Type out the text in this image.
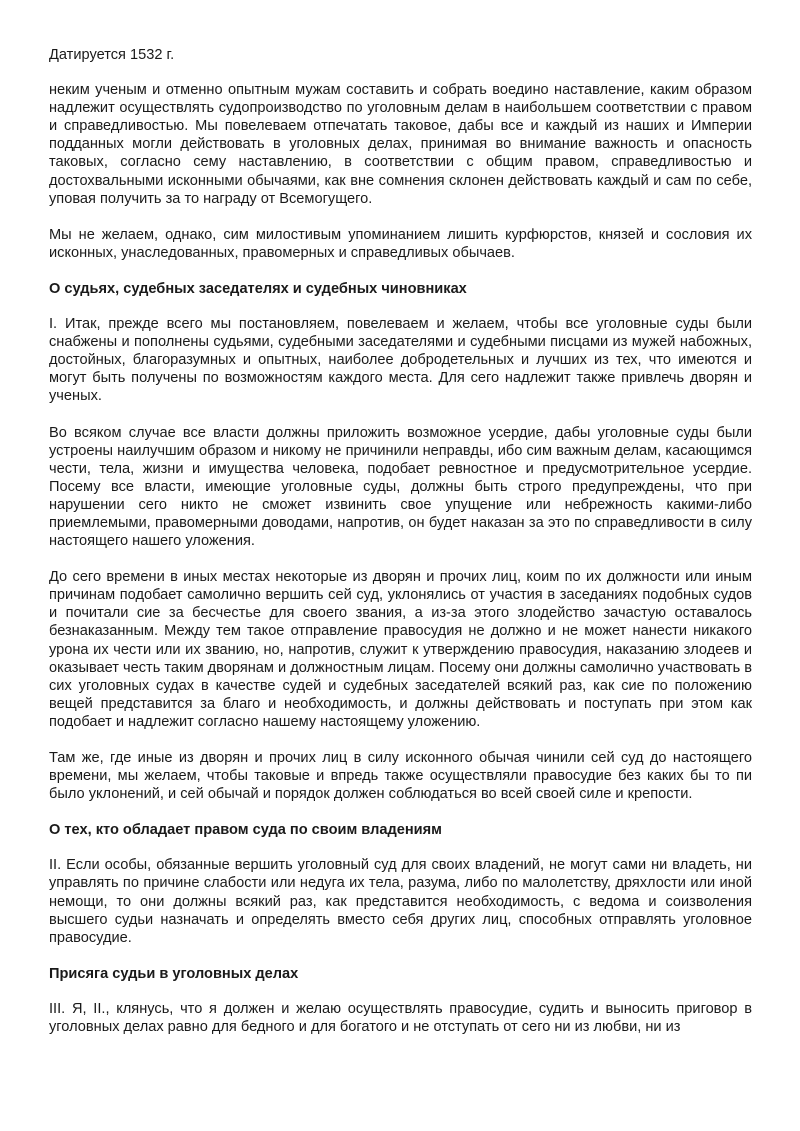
Датируется 1532 г.

неким ученым и отменно опытным мужам составить и собрать воедино наставление, каким образом надлежит осуществлять судопроизводство по уголовным делам в наибольшем соответствии с правом и справедливостью. Мы повелеваем отпечатать таковое, дабы все и каждый из наших и Империи подданных могли действовать в уголовных делах, принимая во внимание важность и опасность таковых, согласно сему наставлению, в соответствии с общим правом, справедливостью и достохвальными исконными обычаями, как вне сомнения склонен действовать каждый и сам по себе, уповая получить за то награду от Всемогущего.

Мы не желаем, однако, сим милостивым упоминанием лишить курфюрстов, князей и сословия их исконных, унаследованных, правомерных и справедливых обычаев.

О судьях, судебных заседателях и судебных чиновниках

I. Итак, прежде всего мы постановляем, повелеваем и желаем, чтобы все уголовные суды были снабжены и пополнены судьями, судебными заседателями и судебными писцами из мужей набожных, достойных, благоразумных и опытных, наиболее добродетельных и лучших из тех, что имеются и могут быть получены по возможностям каждого места. Для сего надлежит также привлечь дворян и ученых.

Во всяком случае все власти должны приложить возможное усердие, дабы уголовные суды были устроены наилучшим образом и никому не причинили неправды, ибо сим важным делам, касающимся чести, тела, жизни и имущества человека, подобает ревностное и предусмотрительное усердие. Посему все власти, имеющие уголовные суды, должны быть строго предупреждены, что при нарушении сего никто не сможет извинить свое упущение или небрежность какими-либо приемлемыми, правомерными доводами, напротив, он будет наказан за это по справедливости в силу настоящего нашего уложения.

До сего времени в иных местах некоторые из дворян и прочих лиц, коим по их должности или иным причинам подобает самолично вершить сей суд, уклонялись от участия в заседаниях подобных судов и почитали сие за бесчестье для своего звания, а из-за этого злодейство зачастую оставалось безнаказанным. Между тем такое отправление правосудия не должно и не может нанести никакого урона их чести или их званию, но, напротив, служит к утверждению правосудия, наказанию злодеев и оказывает честь таким дворянам и должностным лицам. Посему они должны самолично участвовать в сих уголовных судах в качестве судей и судебных заседателей всякий раз, как сие по положению вещей представится за благо и необходимость, и должны действовать и поступать при этом как подобает и надлежит согласно нашему настоящему уложению.

Там же, где иные из дворян и прочих лиц в силу исконного обычая чинили сей суд до настоящего времени, мы желаем, чтобы таковые и впредь также осуществляли правосудие без каких бы то пи было уклонений, и сей обычай и порядок должен соблюдаться во всей своей силе и крепости.

О тех, кто обладает правом суда по своим владениям

II. Если особы, обязанные вершить уголовный суд для своих владений, не могут сами ни владеть, ни управлять по причине слабости или недуга их тела, разума, либо по малолетству, дряхлости или иной немощи, то они должны всякий раз, как представится необходимость, с ведома и соизволения высшего судьи назначать и определять вместо себя других лиц, способных отправлять уголовное правосудие.

Присяга судьи в уголовных делах

III. Я, II., клянусь, что я должен и желаю осуществлять правосудие, судить и выносить приговор в уголовных делах равно для бедного и для богатого и не отступать от сего ни из любви, ни из
